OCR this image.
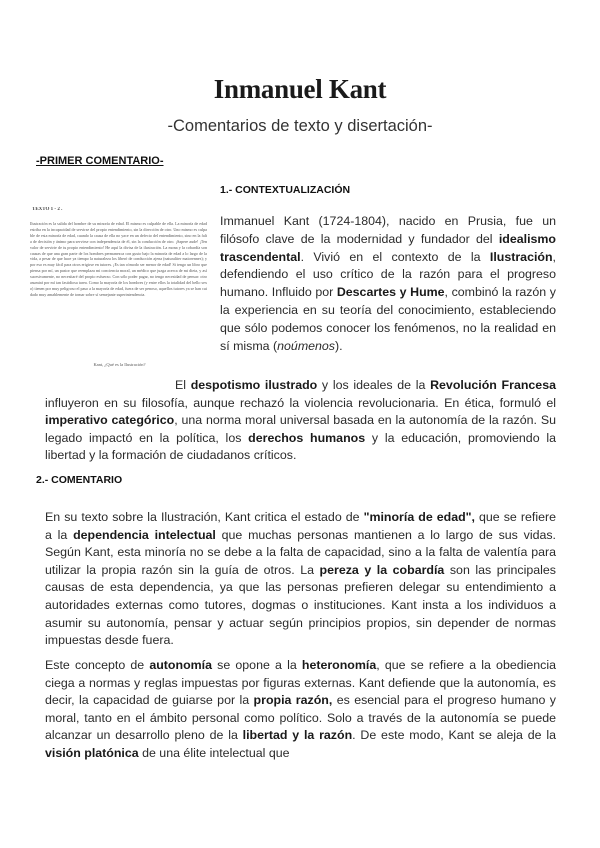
Inmanuel Kant
-Comentarios de texto y disertación-
-PRIMER COMENTARIO-
1.- CONTEXTUALIZACIÓN
TEXTO 1 - 2 .
Ilustración es la salida del hombre de su minoría de edad. El mismo es culpable de ella. La minoría de edad estriba en la incapacidad de servirse del propio entendimiento, sin la dirección de otro. Uno mismo es culpable de esta minoría de edad, cuando la causa de ella no yace en un defecto del entendimiento, sino en la falta de decisión y ánimo para servirse con independencia de él, sin la conducción de otro. ¡Sapere aude! ¡Ten valor de servirte de tu propio entendimiento! He aquí la divisa de la ilustración. La mona y la cobardía son causas de que una gran parte de los hombres permanezca con gusto bajo la minoría de edad a lo largo de la vida, a pesar de que hace ya tiempo la naturaleza los liberó de conducción ajena (naturaliter maiorennes); y por eso es muy fácil para otros erigirse en tutores. ¡Es tan cómodo ser menor de edad! Si tengo un libro que piensa por mí, un pastor que reemplaza mi conciencia moral, un médico que juzga acerca de mi dieta, y así sucesivamente, no necesitaré del propio esfuerzo. Con sólo poder pagar, no tengo necesidad de pensar: otro asumirá por mí tan fastidiosa tarea. Como la mayoría de los hombres (y entre ellos la totalidad del bello sexo) tienen por muy peligroso el paso a la mayoría de edad, fuera de ser penoso, aquellos tutores ya se han cuidado muy amablemente de tomar sobre sí semejante superintendencia.
Kant, ¿Qué es la Ilustración?

Immanuel Kant (1724-1804), nacido en Prusia, fue un filósofo clave de la modernidad y fundador del idealismo trascendental. Vivió en el contexto de la Ilustración, defendiendo el uso crítico de la razón para el progreso humano. Influido por Descartes y Hume, combinó la razón y la experiencia en su teoría del conocimiento, estableciendo que sólo podemos conocer los fenómenos, no la realidad en sí misma (noúmenos).

El despotismo ilustrado y los ideales de la Revolución Francesa influyeron en su filosofía, aunque rechazó la violencia revolucionaria. En ética, formuló el imperativo categórico, una norma moral universal basada en la autonomía de la razón. Su legado impactó en la política, los derechos humanos y la educación, promoviendo la libertad y la formación de ciudadanos críticos.

2.- COMENTARIO

En su texto sobre la Ilustración, Kant critica el estado de "minoría de edad", que se refiere a la dependencia intelectual que muchas personas mantienen a lo largo de sus vidas. Según Kant, esta minoría no se debe a la falta de capacidad, sino a la falta de valentía para utilizar la propia razón sin la guía de otros. La pereza y la cobardía son las principales causas de esta dependencia, ya que las personas prefieren delegar su entendimiento a autoridades externas como tutores, dogmas o instituciones. Kant insta a los individuos a asumir su autonomía, pensar y actuar según principios propios, sin depender de normas impuestas desde fuera.

Este concepto de autonomía se opone a la heteronomía, que se refiere a la obediencia ciega a normas y reglas impuestas por figuras externas. Kant defiende que la autonomía, es decir, la capacidad de guiarse por la propia razón, es esencial para el progreso humano y moral, tanto en el ámbito personal como político. Solo a través de la autonomía se puede alcanzar un desarrollo pleno de la libertad y la razón. De este modo, Kant se aleja de la visión platónica de una élite intelectual que
